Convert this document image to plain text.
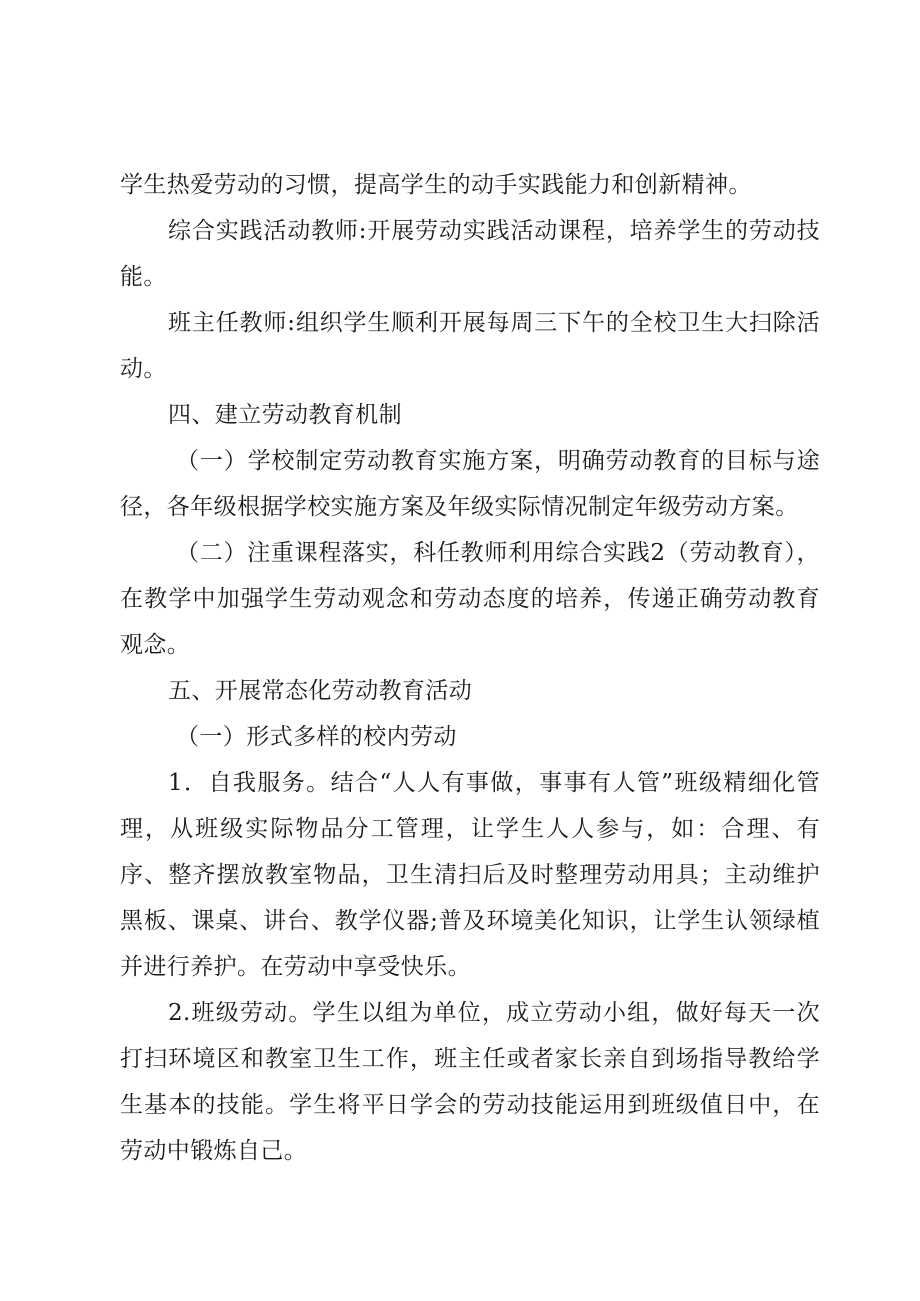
学生热爱劳动的习惯，提高学生的动手实践能力和创新精神。

综合实践活动教师:开展劳动实践活动课程，培养学生的劳动技能。

班主任教师:组织学生顺利开展每周三下午的全校卫生大扫除活动。

四、建立劳动教育机制

（一）学校制定劳动教育实施方案，明确劳动教育的目标与途径，各年级根据学校实施方案及年级实际情况制定年级劳动方案。

（二）注重课程落实，科任教师利用综合实践2（劳动教育），在教学中加强学生劳动观念和劳动态度的培养，传递正确劳动教育观念。

五、开展常态化劳动教育活动

（一）形式多样的校内劳动

1．自我服务。结合“人人有事做，事事有人管”班级精细化管理，从班级实际物品分工管理，让学生人人参与，如：合理、有序、整齐摆放教室物品，卫生清扫后及时整理劳动用具；主动维护黑板、课桌、讲台、教学仪器;普及环境美化知识，让学生认领绿植并进行养护。在劳动中享受快乐。

2.班级劳动。学生以组为单位，成立劳动小组，做好每天一次打扫环境区和教室卫生工作，班主任或者家长亲自到场指导教给学生基本的技能。学生将平日学会的劳动技能运用到班级值日中，在劳动中锻炼自己。
